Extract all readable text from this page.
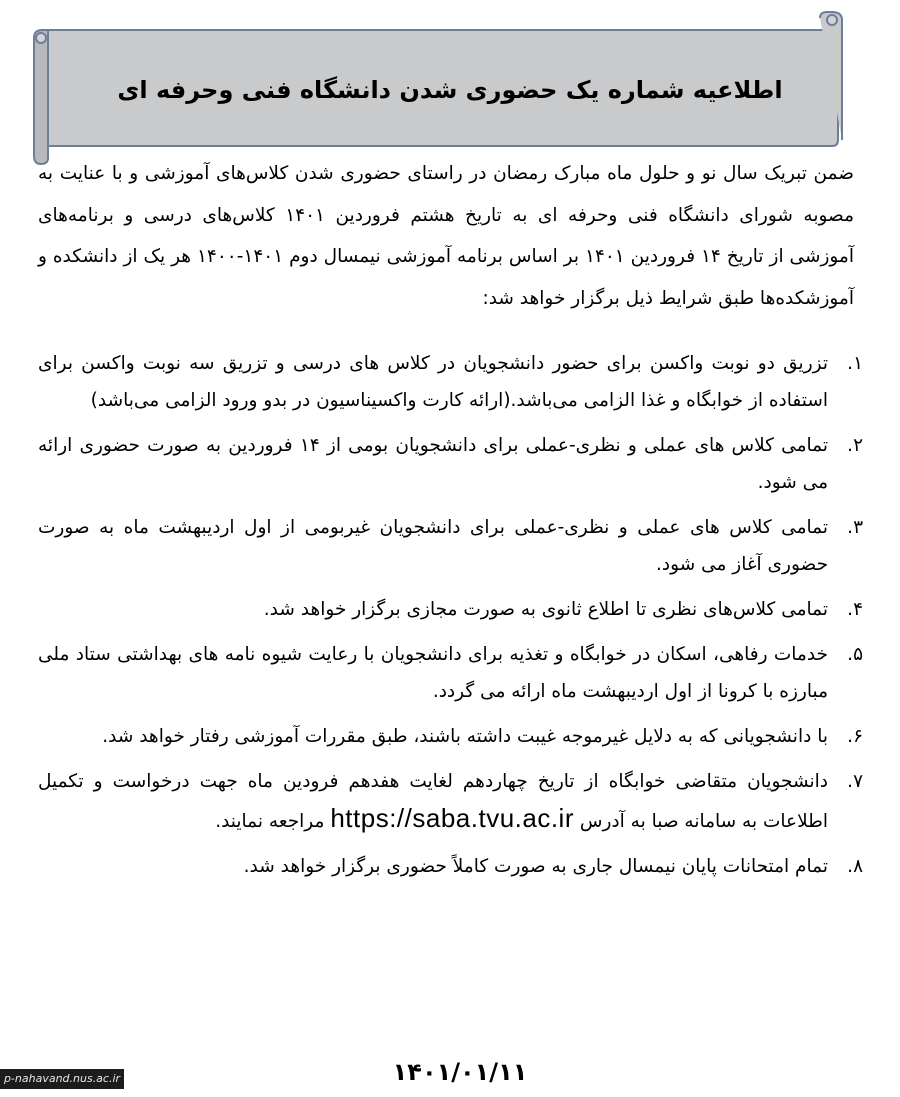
اطلاعیه شماره یک حضوری شدن دانشگاه فنی وحرفه ای
ضمن تبریک سال نو و حلول ماه مبارک رمضان در راستای حضوری شدن کلاس‌های آموزشی و با عنایت به مصوبه شورای دانشگاه فنی وحرفه ای به تاریخ هشتم فروردین ۱۴۰۱ کلاس‌های درسی و برنامه‌های آموزشی از تاریخ ۱۴ فروردین ۱۴۰۱ بر اساس برنامه آموزشی نیمسال دوم ۱۴۰۱-۱۴۰۰ هر یک از دانشکده و آموزشکده‌ها طبق شرایط ذیل برگزار خواهد شد:
۱.
تزریق دو نوبت واکسن برای حضور دانشجویان در کلاس های درسی و تزریق سه نوبت واکسن برای استفاده از خوابگاه و غذا الزامی می‌باشد.(ارائه کارت واکسیناسیون در بدو ورود الزامی می‌باشد)
۲.
تمامی کلاس های عملی و نظری-عملی برای دانشجویان بومی از ۱۴ فروردین به صورت حضوری ارائه می شود.
۳.
تمامی کلاس های عملی و نظری-عملی برای دانشجویان غیربومی از اول اردیبهشت ماه به صورت حضوری آغاز می شود.
۴.
تمامی کلاس‌های نظری تا اطلاع ثانوی به صورت مجازی برگزار خواهد شد.
۵.
خدمات رفاهی، اسکان در خوابگاه و تغذیه برای دانشجویان با رعایت شیوه نامه های بهداشتی ستاد ملی مبارزه با کرونا از اول اردیبهشت ماه ارائه می گردد.
۶.
با دانشجویانی که به دلایل غیرموجه غیبت داشته باشند، طبق مقررات آموزشی رفتار خواهد شد.
۷.
دانشجویان متقاضی خوابگاه از تاریخ چهاردهم لغایت هفدهم فرودین ماه جهت درخواست و تکمیل اطلاعات به سامانه صبا به آدرس https://saba.tvu.ac.ir مراجعه نمایند.
۸.
تمام امتحانات پایان نیمسال جاری به صورت کاملاً حضوری برگزار خواهد شد.
۱۴۰۱/۰۱/۱۱
p-nahavand.nus.ac.ir
